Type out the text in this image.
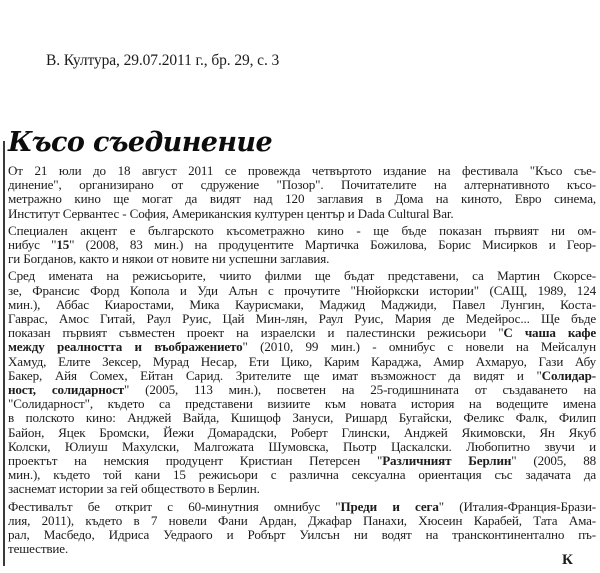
В. Култура, 29.07.2011 г., бр. 29, с. 3
Късо съединение
От 21 юли до 18 август 2011 се провежда четвъртото издание на фестивала "Късо съе-
динение", организирано от сдружение "Позор". Почитателите на алтернативното късо-
метражно кино ще могат да видят над 120 заглавия в Дома на киното, Евро синема,
Институт Сервантес - София, Американския културен център и Dada Cultural Bar.
Специален акцент е българското късометражно кино - ще бъде показан първият ни ом-
нибус "15" (2008, 83 мин.) на продуцентите Мартичка Божилова, Борис Мисирков и Геор-
ги Богданов, както и някои от новите ни успешни заглавия.
Сред имената на режисьорите, чиито филми ще бъдат представени, са Мартин Скорсе-
зе, Франсис Форд Копола и Уди Алън с прочутите "Нюйоркски истории" (САЩ, 1989, 124
мин.), Аббас Киаростами, Мика Каурисмаки, Маджид Маджиди, Павел Лунгин, Коста-
Гаврас, Амос Гитай, Раул Руис, Цай Мин-лян, Раул Руис, Мария де Медейрос... Ще бъде
показан първият съвместен проект на израелски и палестински режисьори "С чаша кафе
между реалността и въображението" (2010, 99 мин.) - омнибус с новели на Мейсалун
Хамуд, Елите Зексер, Мурад Несар, Ети Цико, Карим Караджа, Амир Ахмаруо, Гази Абу
Бакер, Айя Сомех, Ейтан Сарид. Зрителите ще имат възможност да видят и "Солидар-
ност, солидарност" (2005, 113 мин.), посветен на 25-годишнината от създаването на
"Солидарност", където са представени визиите към новата история на водещите имена
в полското кино: Анджей Вайда, Кшищоф Зануси, Ришард Бугайски, Феликс Фалк, Филип
Байон, Яцек Бромски, Йежи Домарадски, Роберт Глински, Анджей Якимовски, Ян Якуб
Колски, Юлиуш Махулски, Малгожата Шумовска, Пьотр Цаскалски. Любопитно звучи и
проектът на немския продуцент Кристиан Петерсен "Различният Берлин" (2005, 88
мин.), където той кани 15 режисьори с различна сексуална ориентация със задачата да
заснемат истории за гей обществото в Берлин.
Фестивалът бе открит с 60-минутния омнибус "Преди и сега" (Италия-Франция-Брази-
лия, 2011), където в 7 новели Фани Ардан, Джафар Панахи, Хюсеин Карабей, Тата Ама-
рал, Масбедо, Идриса Уедраого и Робърт Уилсън ни водят на трансконтинентално пъ-
тешествие.
К
